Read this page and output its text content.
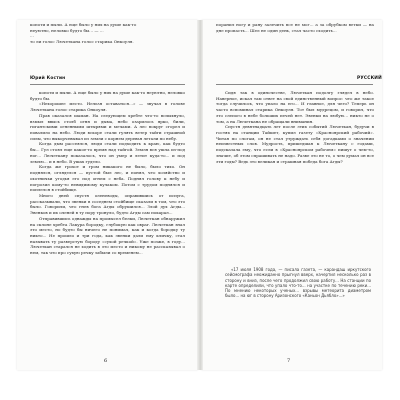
копоти и пыли. А еще было у них на душе как-то
неуютно, неловко будто бы... — ...
...
то ли голос Лючеткана голос старика Онкоуля.
поранил ногу и рану залечить все не мог... а за обрубком ветки — на дне пропасть... Шел не один день, стал часто сходить...
Юрий Костин	РУССКИЙ

копоти и пыли. А еще было у них на душе как-то неуютно, неловко будто бы.

«Нехорошее место. Нельзя оставаться...» — звучал в голове Лючеткана голос старика Онкоуля.

Прав оказался шаман. На следующем хребте что-то вспыхнуло, взмыл ввысь столб огня и дыма, небо озарилось ярко, били, гигантскими огненными штырями и мечами. А лес вокруг сгорел и повалило на небо. Люди вскоре стали гулять ветер тайги страшной силы, что выкорчевывал из земли с корнем деревья летали по небу.

Когда дым рассеялся, люди стали подходить к краю, как будто бы... Гул стоял еще какое-то время над тайгой. Земля вся ушла из-под ног... Лючеткану показалось, что он умер и летит куда-то... и под землю... и в небо. В ушах гудело.

Когда же грохот и гром никакого не было, было тихо. Он поднялся, огляделся — пустой был лес, и понял, что хозяйство и охотничьи угодья его под огнем с неба. Поднял голову к небу и погрозил кому-то невидимому кулаком. Потом с трудом поднялся и поплелся в стойбище.

Много дней спустя оленеводы, оправившись от испуга, рассказывали, что эвенки в соседнем стойбище сказали в том, что это было. Говорили, что гнев бога Агды обрушился... Злой дух Агды... Эвенков и их оленей в ту пору тронуло, будто Агды сам покарал...

Отправившись однажды на промысел белки, Лючеткан обнаружил на склоне хребта Лакура бородку, глубокую как овраг. Лючеткан знал это место, но будто бы ничего не понимал, как и когда бородку ту никто... Не прошло и три года, как эвенки дали ему кличку, стал называть ту разверстую бороду «сухой речкой». Уже позже, в году... Лючеткан старался не ходить в это место и никому не рассказывал о нем, так что про сухую речку забыли со временем...

Сидя так в одиночестве, Лючеткан подолгу глядел в небо. Наверное, искал там ответ на свой единственный вопрос: что же такое тогда случилось, что упало на его... И главное, для чего? Теперь он часто вспоминал старика Онкоуля. Тот был мудрецом, и говорил, что это слепого в небе больших печей нет. Эвенки на любую... никто не о том, а на Лючеткана не обращали внимания.

Спустя девятнадцать лет после этих событий Лючеткан, будучи в гостях на станции Тайшет, купил газету «Красноярский рабочий». Читая по слогам, он не стал утруждать себя догадками о значении неизвестных слов. Мудрость, пришедшая к Лючеткану с годами, подсказала ему, что если в «Красноярском рабочем» пишут о чем-то, значит, об этом спрашивать не надо. Разве это не то, о чем думал он все эти годы? Ведь это великая и страшная победа бога Агды?

«17 июля 1908 года, — писала газета, — карандаш иркутского сейсмографа неожиданно прыгнул вверх, начертил несколько раз в сторону и вниз, после чего продолжил свою работу... На станции по карте определили, что упало что-то... на участке по течению реки... По мнению некоторых ученых... взрывы метеорита диаметром было... на юг в сторону Аризонского «Каньон Дьябло»...»

6	7
